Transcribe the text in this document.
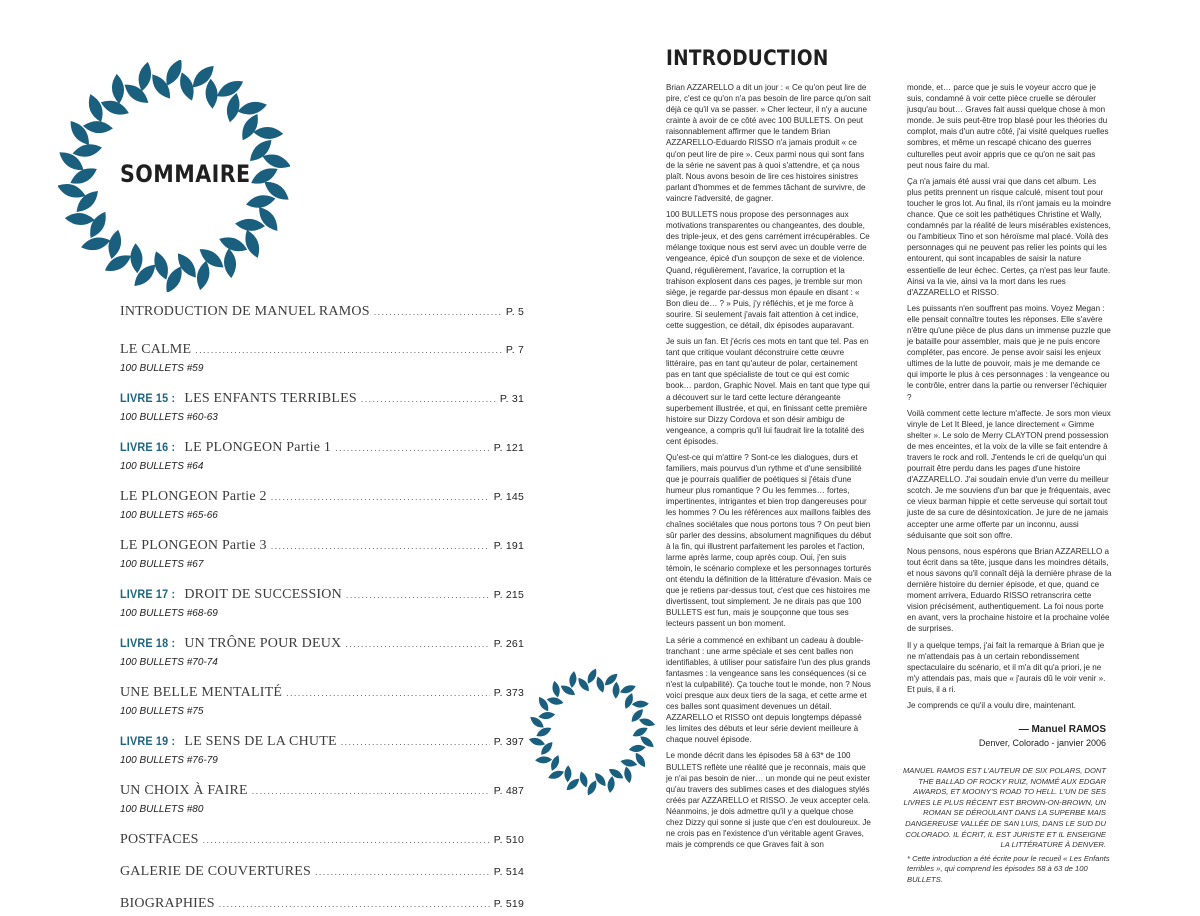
SOMMAIRE
INTRODUCTION DE MANUEL RAMOS .....	P. 5
LE CALME .....	P. 7
100 BULLETS #59
LIVRE 15 : LES ENFANTS TERRIBLES .....	P. 31
100 BULLETS #60-63
LIVRE 16 : LE PLONGEON Partie 1 .....	P. 121
100 BULLETS #64
LE PLONGEON Partie 2 .....	P. 145
100 BULLETS #65-66
LE PLONGEON Partie 3 .....	P. 191
100 BULLETS #67
LIVRE 17 : DROIT DE SUCCESSION .....	P. 215
100 BULLETS #68-69
LIVRE 18 : UN TRÔNE POUR DEUX .....	P. 261
100 BULLETS #70-74
UNE BELLE MENTALITÉ .....	P. 373
100 BULLETS #75
LIVRE 19 : LE SENS DE LA CHUTE .....	P. 397
100 BULLETS #76-79
UN CHOIX À FAIRE .....	P. 487
100 BULLETS #80
POSTFACES .....	P. 510
GALERIE DE COUVERTURES .....	P. 514
BIOGRAPHIES .....	P. 519
INTRODUCTION

Brian AZZARELLO a dit un jour : « Ce qu'on peut lire de pire, c'est ce qu'on n'a pas besoin de lire parce qu'on sait déjà ce qu'il va se passer. » Cher lecteur, il n'y a aucune crainte à avoir de ce côté avec 100 BULLETS. On peut raisonnablement affirmer que le tandem Brian AZZARELLO-Eduardo RISSO n'a jamais produit « ce qu'on peut lire de pire ». Ceux parmi nous qui sont fans de la série ne savent pas à quoi s'attendre, et ça nous plaît. Nous avons besoin de lire ces histoires sinistres parlant d'hommes et de femmes tâchant de survivre, de vaincre l'adversité, de gagner.

100 BULLETS nous propose des personnages aux motivations transparentes ou changeantes, des double, des triple-jeux, et des gens carrément irrécupérables. Ce mélange toxique nous est servi avec un double verre de vengeance, épicé d'un soupçon de sexe et de violence. Quand, régulièrement, l'avarice, la corruption et la trahison explosent dans ces pages, je tremble sur mon siège, je regarde par-dessus mon épaule en disant : « Bon dieu de… ? » Puis, j'y réfléchis, et je me force à sourire. Si seulement j'avais fait attention à cet indice, cette suggestion, ce détail, dix épisodes auparavant.

Je suis un fan. Et j'écris ces mots en tant que tel. Pas en tant que critique voulant déconstruire cette œuvre littéraire, pas en tant qu'auteur de polar, certainement pas en tant que spécialiste de tout ce qui est comic book… pardon, Graphic Novel. Mais en tant que type qui a découvert sur le tard cette lecture dérangeante superbement illustrée, et qui, en finissant cette première histoire sur Dizzy Cordova et son désir ambigu de vengeance, a compris qu'il lui faudrait lire la totalité des cent épisodes.

Qu'est-ce qui m'attire ? Sont-ce les dialogues, durs et familiers, mais pourvus d'un rythme et d'une sensibilité que je pourrais qualifier de poétiques si j'étais d'une humeur plus romantique ? Ou les femmes… fortes, impertinentes, intrigantes et bien trop dangereuses pour les hommes ? Ou les références aux maillons faibles des chaînes sociétales que nous portons tous ? On peut bien sûr parler des dessins, absolument magnifiques du début à la fin, qui illustrent parfaitement les paroles et l'action, larme après larme, coup après coup. Oui, j'en suis témoin, le scénario complexe et les personnages torturés ont étendu la définition de la littérature d'évasion. Mais ce que je retiens par-dessus tout, c'est que ces histoires me divertissent, tout simplement. Je ne dirais pas que 100 BULLETS est fun, mais je soupçonne que tous ses lecteurs passent un bon moment.

La série a commencé en exhibant un cadeau à double-tranchant : une arme spéciale et ses cent balles non identifiables, à utiliser pour satisfaire l'un des plus grands fantasmes : la vengeance sans les conséquences (si ce n'est la culpabilité). Ça touche tout le monde, non ? Nous voici presque aux deux tiers de la saga, et cette arme et ces balles sont quasiment devenues un détail. AZZARELLO et RISSO ont depuis longtemps dépassé les limites des débuts et leur série devient meilleure à chaque nouvel épisode.

Le monde décrit dans les épisodes 58 à 63* de 100 BULLETS reflète une réalité que je reconnais, mais que je n'ai pas besoin de nier… un monde qui ne peut exister qu'au travers des sublimes cases et des dialogues stylés créés par AZZARELLO et RISSO. Je veux accepter cela. Néanmoins, je dois admettre qu'il y a quelque chose chez Dizzy qui sonne si juste que c'en est douloureux. Je ne crois pas en l'existence d'un véritable agent Graves, mais je comprends ce que Graves fait à son

monde, et… parce que je suis le voyeur accro que je suis, condamné à voir cette pièce cruelle se dérouler jusqu'au bout… Graves fait aussi quelque chose à mon monde. Je suis peut-être trop blasé pour les théories du complot, mais d'un autre côté, j'ai visité quelques ruelles sombres, et même un rescapé chicano des guerres culturelles peut avoir appris que ce qu'on ne sait pas peut nous faire du mal.

Ça n'a jamais été aussi vrai que dans cet album. Les plus petits prennent un risque calculé, misent tout pour toucher le gros lot. Au final, ils n'ont jamais eu la moindre chance. Que ce soit les pathétiques Christine et Wally, condamnés par la réalité de leurs misérables existences, ou l'ambitieux Tino et son héroïsme mal placé. Voilà des personnages qui ne peuvent pas relier les points qui les entourent, qui sont incapables de saisir la nature essentielle de leur échec. Certes, ça n'est pas leur faute. Ainsi va la vie, ainsi va la mort dans les rues d'AZZARELLO et RISSO.

Les puissants n'en souffrent pas moins. Voyez Megan : elle pensait connaître toutes les réponses. Elle s'avère n'être qu'une pièce de plus dans un immense puzzle que je bataille pour assembler, mais que je ne puis encore compléter, pas encore. Je pense avoir saisi les enjeux ultimes de la lutte de pouvoir, mais je me demande ce qui importe le plus à ces personnages : la vengeance ou le contrôle, entrer dans la partie ou renverser l'échiquier ?

Voilà comment cette lecture m'affecte. Je sors mon vieux vinyle de Let It Bleed, je lance directement « Gimme shelter ». Le solo de Merry CLAYTON prend possession de mes enceintes, et la voix de la ville se fait entendre à travers le rock and roll. J'entends le cri de quelqu'un qui pourrait être perdu dans les pages d'une histoire d'AZZARELLO. J'ai soudain envie d'un verre du meilleur scotch. Je me souviens d'un bar que je fréquentais, avec ce vieux barman hippie et cette serveuse qui sortait tout juste de sa cure de désintoxication. Je jure de ne jamais accepter une arme offerte par un inconnu, aussi séduisante que soit son offre.

Nous pensons, nous espérons que Brian AZZARELLO a tout écrit dans sa tête, jusque dans les moindres détails, et nous savons qu'il connaît déjà la dernière phrase de la dernière histoire du dernier épisode, et que, quand ce moment arrivera, Eduardo RISSO retranscrira cette vision précisément, authentiquement. La foi nous porte en avant, vers la prochaine histoire et la prochaine volée de surprises.

Il y a quelque temps, j'ai fait la remarque à Brian que je ne m'attendais pas à un certain rebondissement spectaculaire du scénario, et il m'a dit qu'a priori, je ne m'y attendais pas, mais que « j'aurais dû le voir venir ». Et puis, il a ri.

Je comprends ce qu'il a voulu dire, maintenant.

— Manuel RAMOS
Denver, Colorado - janvier 2006
MANUEL RAMOS EST L'AUTEUR DE SIX POLARS, DONT THE BALLAD OF ROCKY RUIZ, NOMMÉ AUX EDGAR AWARDS, ET MOONY'S ROAD TO HELL. L'UN DE SES LIVRES LE PLUS RÉCENT EST BROWN-ON-BROWN, UN ROMAN SE DÉROULANT DANS LA SUPERBE MAIS DANGEREUSE VALLÉE DE SAN LUIS, DANS LE SUD DU COLORADO. IL ÉCRIT, IL EST JURISTE ET IL ENSEIGNE LA LITTÉRATURE À DENVER.
* Cette introduction a été écrite pour le recueil « Les Enfants terribles », qui comprend les épisodes 58 à 63 de 100 BULLETS.
